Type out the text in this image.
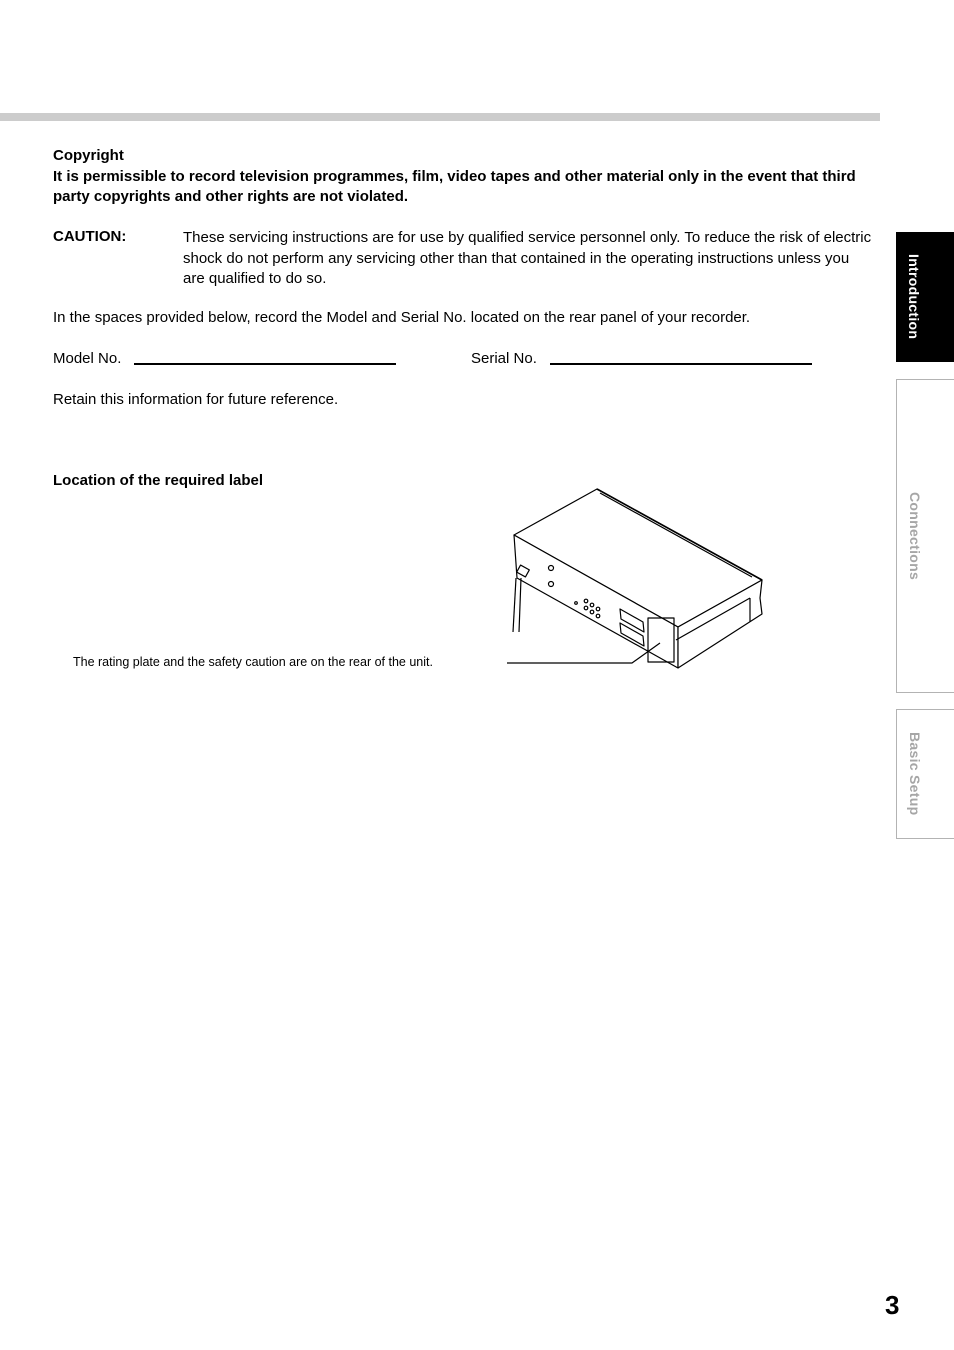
Copyright
It is permissible to record television programmes, film, video tapes and other material only in the event that third party copyrights and other rights are not violated.
CAUTION:	These servicing instructions are for use by qualified service personnel only. To reduce the risk of electric shock do not perform any servicing other than that contained in the operating instructions unless you are qualified to do so.
In the spaces provided below, record the Model and Serial No. located on the rear panel of your recorder.
Model No.	Serial No.
Retain this information for future reference.
Location of the required label
The rating plate and the safety caution are on the rear of the unit.
Introduction
Connections
Basic Setup
3
